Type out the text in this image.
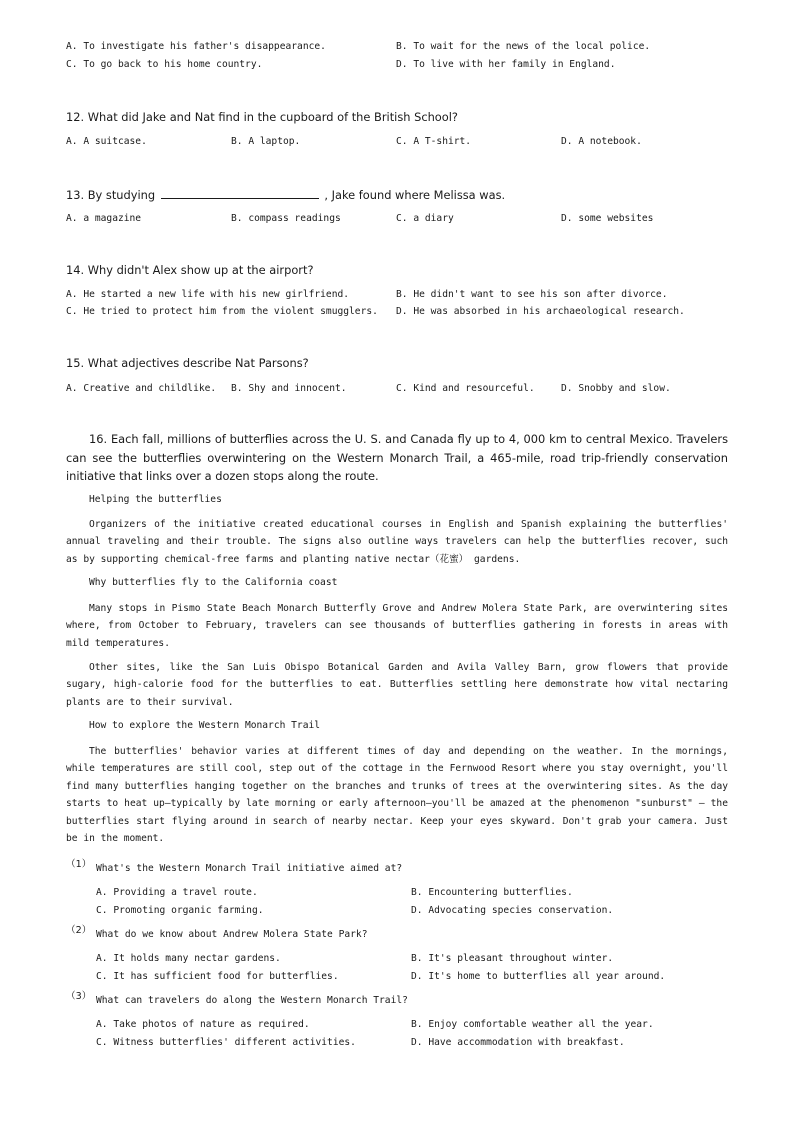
A. To investigate his father's disappearance.	B. To wait for the news of the local police.
C. To go back to his home country.	D. To live with her family in England.
12. What did Jake and Nat find in the cupboard of the British School?
A. A suitcase.	B. A laptop.	C. A T-shirt.	D. A notebook.
13. By studying	, Jake found where Melissa was.
A. a magazine	B. compass readings	C. a diary	D. some websites
14. Why didn't Alex show up at the airport?
A. He started a new life with his new girlfriend.	B. He didn't want to see his son after divorce.
C. He tried to protect him from the violent smugglers. D. He was absorbed in his archaeological research.
15. What adjectives describe Nat Parsons?
A. Creative and childlike. B. Shy and innocent.	C. Kind and resourceful.	D. Snobby and slow.

16. Each fall, millions of butterflies across the U. S. and Canada fly up to 4, 000 km to central Mexico. Travelers can see the butterflies overwintering on the Western Monarch Trail, a 465-mile, road trip-friendly conservation initiative that links over a dozen stops along the route.

Helping the butterflies

Organizers of the initiative created educational courses in English and Spanish explaining the butterflies' annual traveling and their trouble. The signs also outline ways travelers can help the butterflies recover, such as by supporting chemical-free farms and planting native nectar（花蜜） gardens.

Why butterflies fly to the California coast

Many stops in Pismo State Beach Monarch Butterfly Grove and Andrew Molera State Park, are overwintering sites where, from October to February, travelers can see thousands of butterflies gathering in forests in areas with mild temperatures.

Other sites, like the San Luis Obispo Botanical Garden and Avila Valley Barn, grow flowers that provide sugary, high-calorie food for the butterflies to eat. Butterflies settling here demonstrate how vital nectaring plants are to their survival.

How to explore the Western Monarch Trail

The butterflies' behavior varies at different times of day and depending on the weather. In the mornings, while temperatures are still cool, step out of the cottage in the Fernwood Resort where you stay overnight, you'll find many butterflies hanging together on the branches and trunks of trees at the overwintering sites. As the day starts to heat up—typically by late morning or early afternoon—you'll be amazed at the phenomenon "sunburst" — the butterflies start flying around in search of nearby nectar. Keep your eyes skyward. Don't grab your camera. Just be in the moment.

（1） What's the Western Monarch Trail initiative aimed at?
A. Providing a travel route.	B. Encountering butterflies.
C. Promoting organic farming.	D. Advocating species conservation.
（2） What do we know about Andrew Molera State Park?
A. It holds many nectar gardens.	B. It's pleasant throughout winter.
C. It has sufficient food for butterflies.	D. It's home to butterflies all year around.
（3） What can travelers do along the Western Monarch Trail?
A. Take photos of nature as required.	B. Enjoy comfortable weather all the year.
C. Witness butterflies' different activities.	D. Have accommodation with breakfast.
